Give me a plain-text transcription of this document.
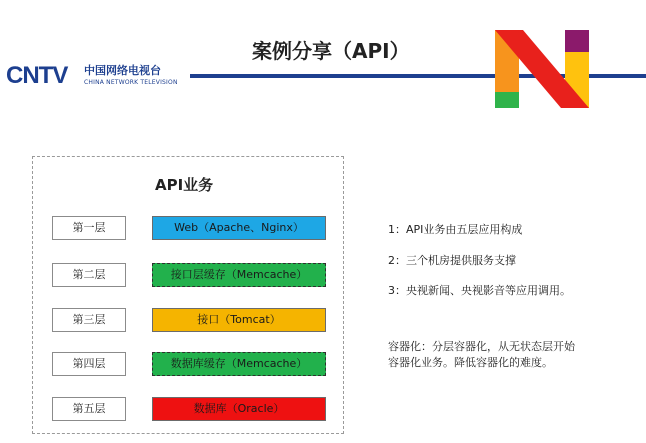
CNTV 中国网络电视台
CHINA NETWORK TELEVISION
案例分享（API）
API业务
第一层	Web（Apache、Nginx）
第二层	接口层缓存（Memcache）
第三层	接口（Tomcat）
第四层	数据库缓存（Memcache）
第五层	数据库（Oracle）
1：API业务由五层应用构成
2：三个机房提供服务支撑
3：央视新闻、央视影音等应用调用。
容器化：分层容器化，从无状态层开始
容器化业务。降低容器化的难度。
